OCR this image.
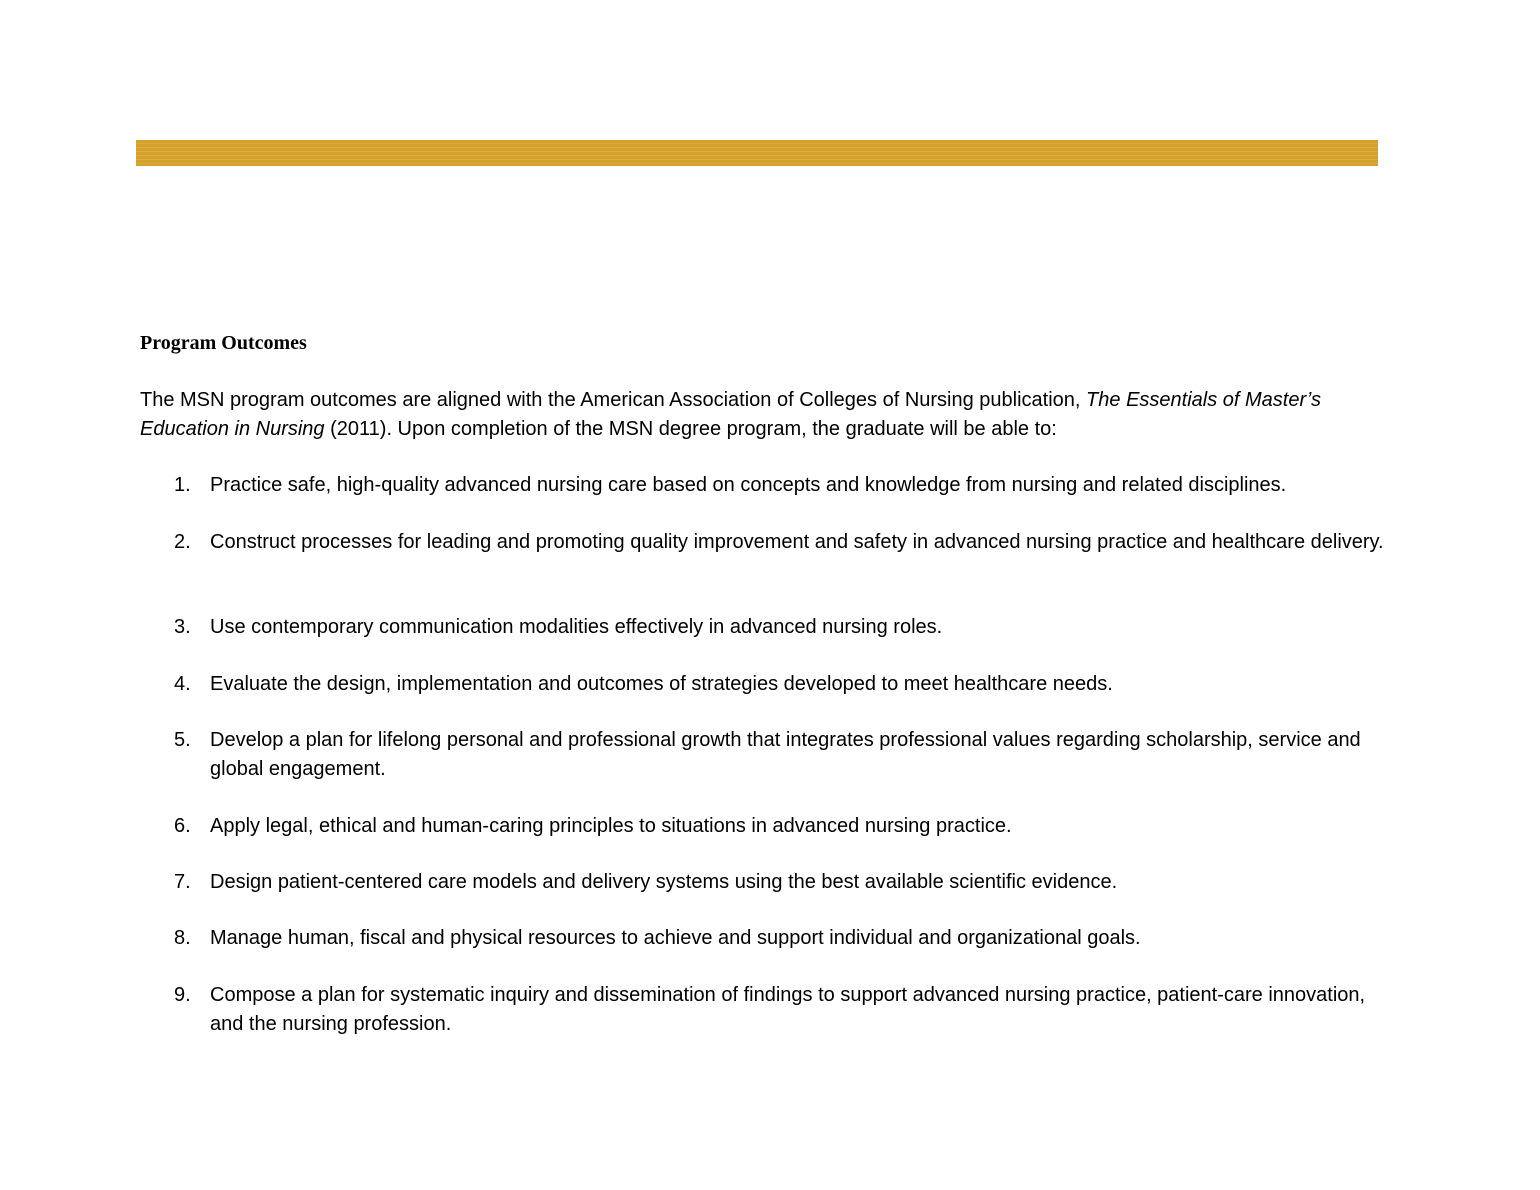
Program Outcomes

The MSN program outcomes are aligned with the American Association of Colleges of Nursing publication, The Essentials of Master’s Education in Nursing (2011). Upon completion of the MSN degree program, the graduate will be able to:

1. Practice safe, high-quality advanced nursing care based on concepts and knowledge from nursing and related disciplines.
2. Construct processes for leading and promoting quality improvement and safety in advanced nursing practice and healthcare delivery.
3. Use contemporary communication modalities effectively in advanced nursing roles.
4. Evaluate the design, implementation and outcomes of strategies developed to meet healthcare needs.
5. Develop a plan for lifelong personal and professional growth that integrates professional values regarding scholarship, service and global engagement.
6. Apply legal, ethical and human-caring principles to situations in advanced nursing practice.
7. Design patient-centered care models and delivery systems using the best available scientific evidence.
8. Manage human, fiscal and physical resources to achieve and support individual and organizational goals.
9. Compose a plan for systematic inquiry and dissemination of findings to support advanced nursing practice, patient-care innovation, and the nursing profession.
